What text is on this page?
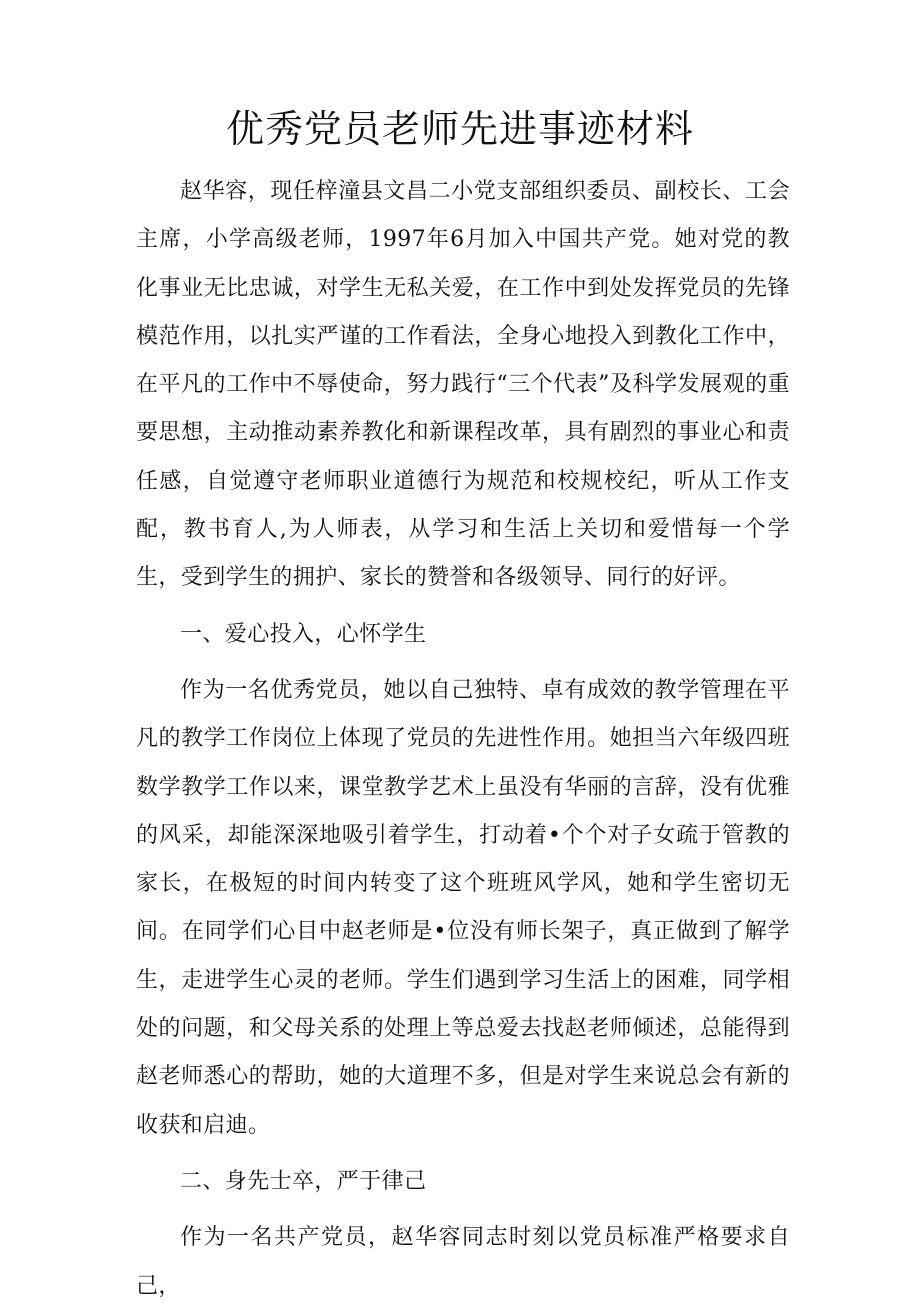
优秀党员老师先进事迹材料

赵华容，现任梓潼县文昌二小党支部组织委员、副校长、工会主席，小学高级老师，1997年6月加入中国共产党。她对党的教化事业无比忠诚，对学生无私关爱，在工作中到处发挥党员的先锋模范作用，以扎实严谨的工作看法，全身心地投入到教化工作中，在平凡的工作中不辱使命，努力践行“三个代表”及科学发展观的重要思想，主动推动素养教化和新课程改革，具有剧烈的事业心和责任感，自觉遵守老师职业道德行为规范和校规校纪，听从工作支配，教书育人,为人师表，从学习和生活上关切和爱惜每一个学生，受到学生的拥护、家长的赞誉和各级领导、同行的好评。

一、爱心投入，心怀学生

作为一名优秀党员，她以自己独特、卓有成效的教学管理在平凡的教学工作岗位上体现了党员的先进性作用。她担当六年级四班数学教学工作以来，课堂教学艺术上虽没有华丽的言辞，没有优雅的风采，却能深深地吸引着学生，打动着•个个对子女疏于管教的家长，在极短的时间内转变了这个班班风学风，她和学生密切无间。在同学们心目中赵老师是•位没有师长架子，真正做到了解学生，走进学生心灵的老师。学生们遇到学习生活上的困难，同学相处的问题，和父母关系的处理上等总爱去找赵老师倾述，总能得到赵老师悉心的帮助，她的大道理不多，但是对学生来说总会有新的收获和启迪。

二、身先士卒，严于律己

作为一名共产党员，赵华容同志时刻以党员标准严格要求自己，
